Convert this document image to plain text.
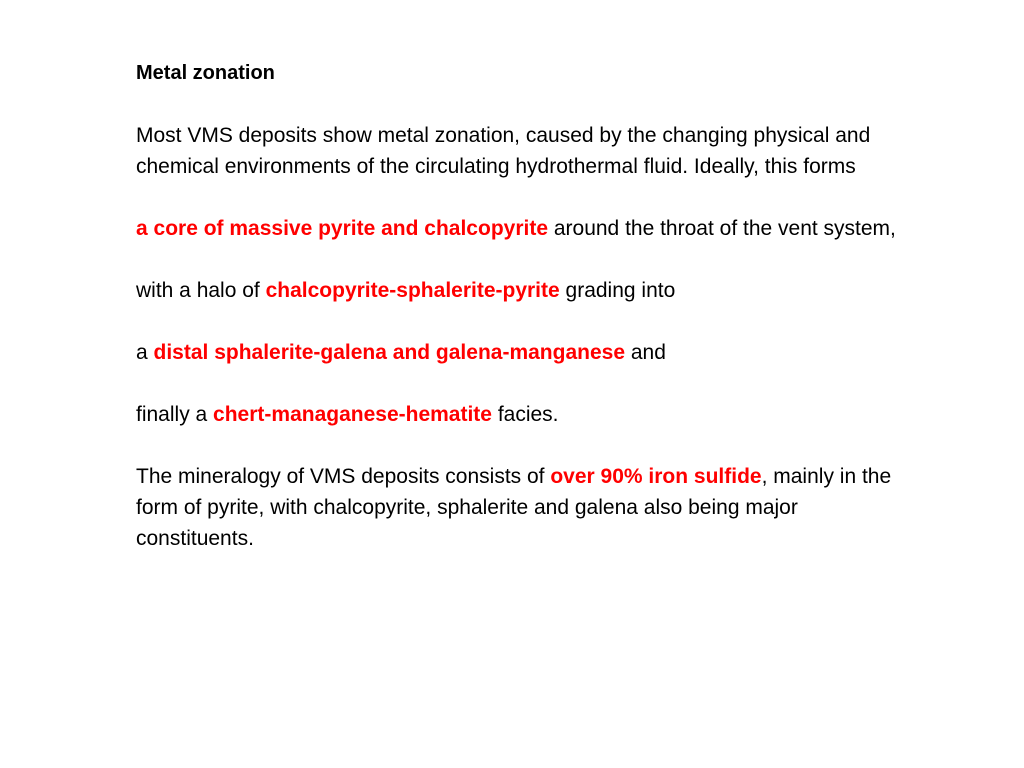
Metal zonation

Most VMS deposits show metal zonation, caused by the changing physical and chemical environments of the circulating hydrothermal fluid. Ideally, this forms

a core of massive pyrite and chalcopyrite around the throat of the vent system,

with a halo of chalcopyrite-sphalerite-pyrite grading into

a distal sphalerite-galena and galena-manganese and

finally a chert-managanese-hematite facies.

The mineralogy of VMS deposits consists of over 90% iron sulfide, mainly in the form of pyrite, with chalcopyrite, sphalerite and galena also being major constituents.
